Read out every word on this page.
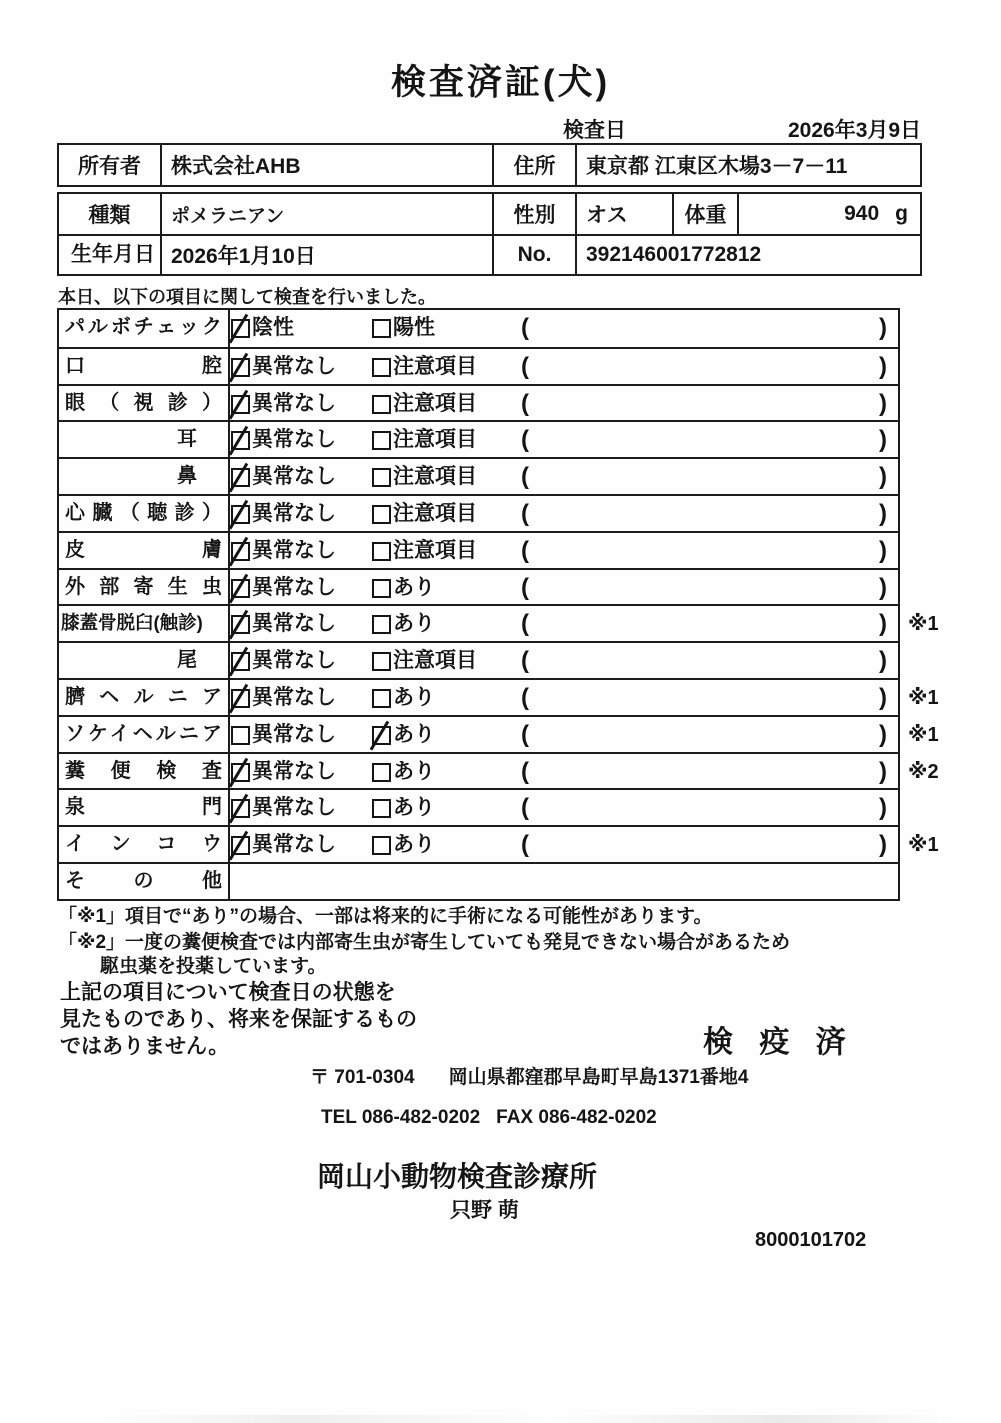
検査済証(犬)
検査日	2026年3月9日
所有者	株式会社AHB	住所	東京都 江東区木場3－7－11
種類	ポメラニアン	性別	オス	体重	940 g
生年月日 2026年1月10日	No.	392146001772812
本日、以下の項目に関して検査を行いました。
パルボチェック	陰性	陽性	(	)
口腔	異常なし	注意項目 (	)
眼（視診）	異常なし	注意項目 (	)
耳	異常なし	注意項目 (	)
鼻	異常なし	注意項目 (	)
心臓（聴診）	異常なし	注意項目 (	)
皮膚	異常なし	注意項目 (	)
外部寄生虫	異常なし	あり	(	)
膝蓋骨脱臼(触診)	異常なし	あり	(	) ※1
尾	異常なし	注意項目 (	)
臍ヘルニア	異常なし	あり	(	) ※1
ソケイヘルニア	異常なし	あり	(	) ※1
糞便検査	異常なし	あり	(	) ※2
泉門	異常なし	あり	(	)
インコウ	異常なし	あり	(	) ※1
その他
「※1」項目で“あり”の場合、一部は将来的に手術になる可能性があります。
「※2」一度の糞便検査では内部寄生虫が寄生していても発見できない場合があるため
駆虫薬を投薬しています。
上記の項目について検査日の状態を
見たものであり、将来を保証するもの
ではありません。	検 疫 済
〒 701-0304 岡山県都窪郡早島町早島1371番地4
TEL 086-482-0202 FAX 086-482-0202
岡山小動物検査診療所
只野 萌
8000101702
